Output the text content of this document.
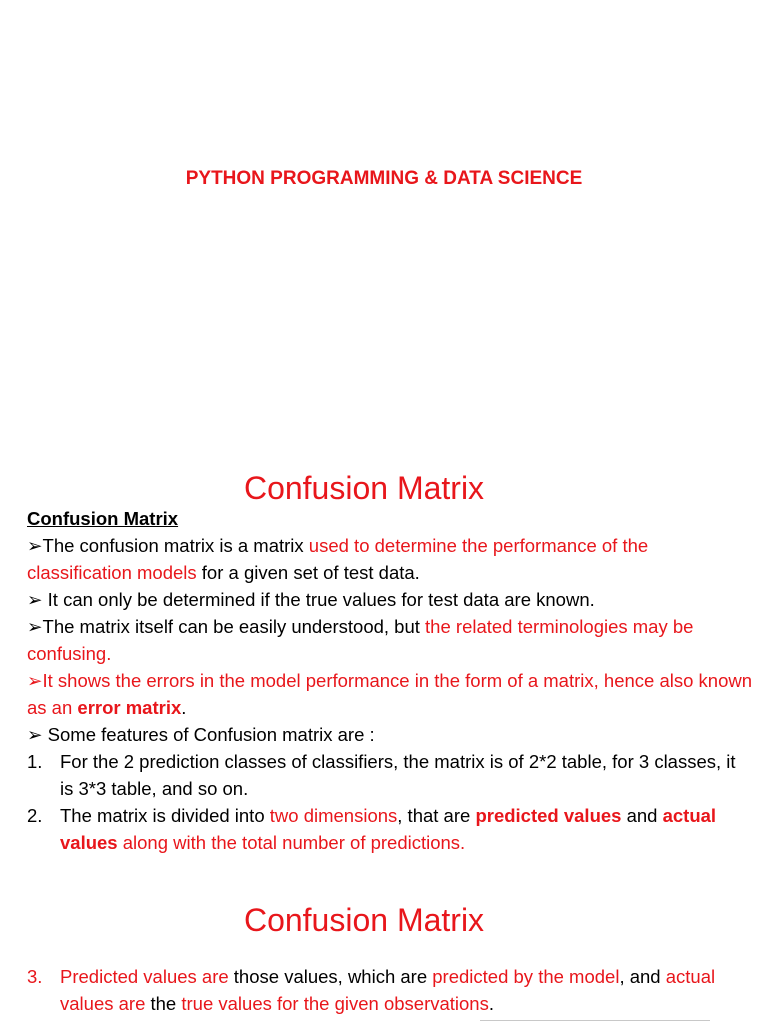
PYTHON PROGRAMMING & DATA SCIENCE
Confusion Matrix
Confusion Matrix
➢The confusion matrix is a matrix used to determine the performance of the classification models for a given set of test data.
➢ It can only be determined if the true values for test data are known.
➢The matrix itself can be easily understood, but the related terminologies may be confusing.
➢It shows the errors in the model performance in the form of a matrix, hence also known as an error matrix.
➢ Some features of Confusion matrix are :
1. For the 2 prediction classes of classifiers, the matrix is of 2*2 table, for 3 classes, it is 3*3 table, and so on.
2. The matrix is divided into two dimensions, that are predicted values and actual values along with the total number of predictions.
Confusion Matrix
3. Predicted values are those values, which are predicted by the model, and actual values are the true values for the given observations.
